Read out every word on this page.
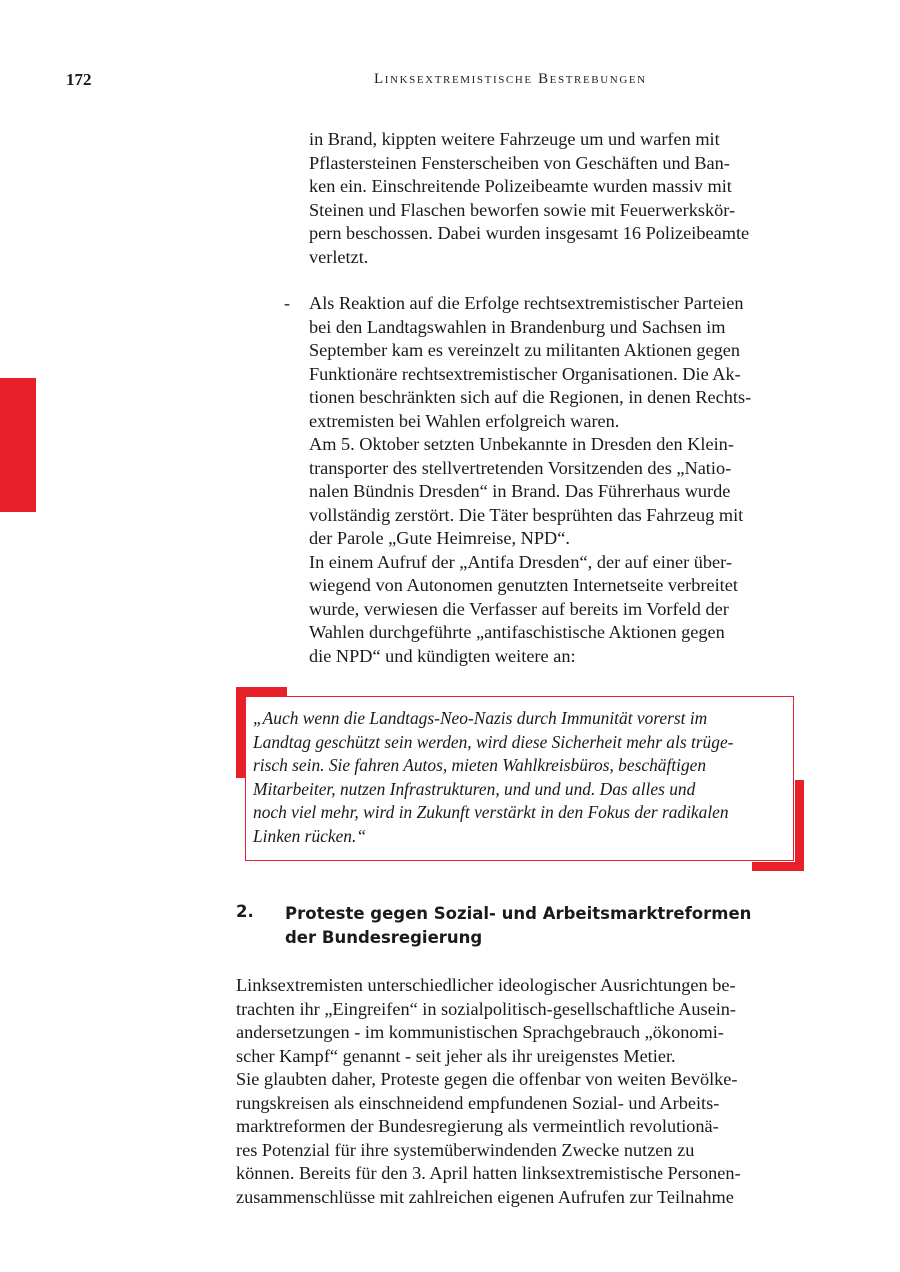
172	Linksextremistische Bestrebungen
in Brand, kippten weitere Fahrzeuge um und warfen mit
Pflastersteinen Fensterscheiben von Geschäften und Ban-
ken ein. Einschreitende Polizeibeamte wurden massiv mit
Steinen und Flaschen beworfen sowie mit Feuerwerkskör-
pern beschossen. Dabei wurden insgesamt 16 Polizeibeamte
verletzt.
- Als Reaktion auf die Erfolge rechtsextremistischer Parteien
bei den Landtagswahlen in Brandenburg und Sachsen im
September kam es vereinzelt zu militanten Aktionen gegen
Funktionäre rechtsextremistischer Organisationen. Die Ak-
tionen beschränkten sich auf die Regionen, in denen Rechts-
extremisten bei Wahlen erfolgreich waren.
Am 5. Oktober setzten Unbekannte in Dresden den Klein-
transporter des stellvertretenden Vorsitzenden des „Natio-
nalen Bündnis Dresden“ in Brand. Das Führerhaus wurde
vollständig zerstört. Die Täter besprühten das Fahrzeug mit
der Parole „Gute Heimreise, NPD“.
In einem Aufruf der „Antifa Dresden“, der auf einer über-
wiegend von Autonomen genutzten Internetseite verbreitet
wurde, verwiesen die Verfasser auf bereits im Vorfeld der
Wahlen durchgeführte „antifaschistische Aktionen gegen
die NPD“ und kündigten weitere an:
„Auch wenn die Landtags-Neo-Nazis durch Immunität vorerst im
Landtag geschützt sein werden, wird diese Sicherheit mehr als trüge-
risch sein. Sie fahren Autos, mieten Wahlkreisbüros, beschäftigen
Mitarbeiter, nutzen Infrastrukturen, und und und. Das alles und
noch viel mehr, wird in Zukunft verstärkt in den Fokus der radikalen
Linken rücken.“
2. Proteste gegen Sozial- und Arbeitsmarktreformen
der Bundesregierung
Linksextremisten unterschiedlicher ideologischer Ausrichtungen be-
trachten ihr „Eingreifen“ in sozialpolitisch-gesellschaftliche Ausein-
andersetzungen - im kommunistischen Sprachgebrauch „ökonomi-
scher Kampf“ genannt - seit jeher als ihr ureigenstes Metier.
Sie glaubten daher, Proteste gegen die offenbar von weiten Bevölke-
rungskreisen als einschneidend empfundenen Sozial- und Arbeits-
marktreformen der Bundesregierung als vermeintlich revolutionä-
res Potenzial für ihre systemüberwindenden Zwecke nutzen zu
können. Bereits für den 3. April hatten linksextremistische Personen-
zusammenschlüsse mit zahlreichen eigenen Aufrufen zur Teilnahme
